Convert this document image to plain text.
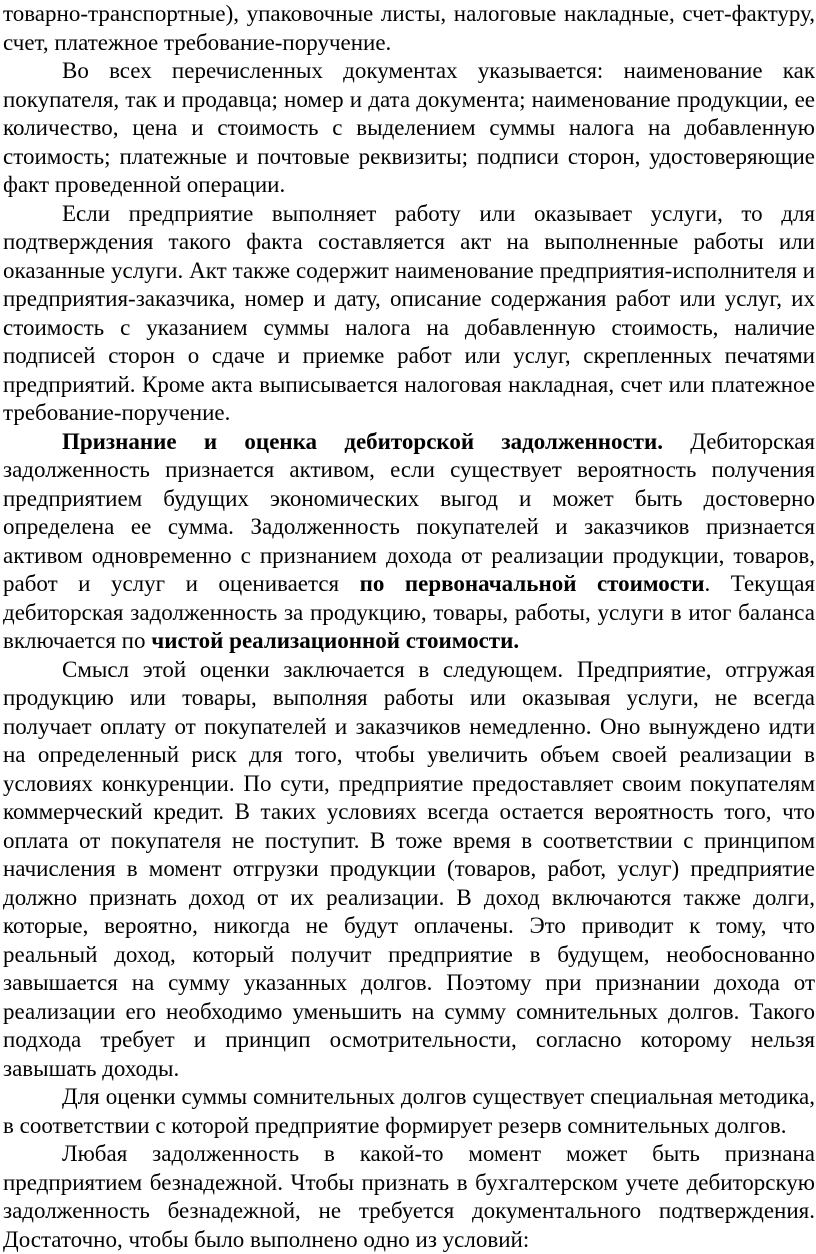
товарно-транспортные), упаковочные листы, налоговые накладные, счет-фактуру, счет, платежное требование-поручение.

Во всех перечисленных документах указывается: наименование как покупателя, так и продавца; номер и дата документа; наименование продукции, ее количество, цена и стоимость с выделением суммы налога на добавленную стоимость; платежные и почтовые реквизиты; подписи сторон, удостоверяющие факт проведенной операции.

Если предприятие выполняет работу или оказывает услуги, то для подтверждения такого факта составляется акт на выполненные работы или оказанные услуги. Акт также содержит наименование предприятия-исполнителя и предприятия-заказчика, номер и дату, описание содержания работ или услуг, их стоимость с указанием суммы налога на добавленную стоимость, наличие подписей сторон о сдаче и приемке работ или услуг, скрепленных печатями предприятий. Кроме акта выписывается налоговая накладная, счет или платежное требование-поручение.

Признание и оценка дебиторской задолженности. Дебиторская задолженность признается активом, если существует вероятность получения предприятием будущих экономических выгод и может быть достоверно определена ее сумма. Задолженность покупателей и заказчиков признается активом одновременно с признанием дохода от реализации продукции, товаров, работ и услуг и оценивается по первоначальной стоимости. Текущая дебиторская задолженность за продукцию, товары, работы, услуги в итог баланса включается по чистой реализационной стоимости.

Смысл этой оценки заключается в следующем. Предприятие, отгружая продукцию или товары, выполняя работы или оказывая услуги, не всегда получает оплату от покупателей и заказчиков немедленно. Оно вынуждено идти на определенный риск для того, чтобы увеличить объем своей реализации в условиях конкуренции. По сути, предприятие предоставляет своим покупателям коммерческий кредит. В таких условиях всегда остается вероятность того, что оплата от покупателя не поступит. В тоже время в соответствии с принципом начисления в момент отгрузки продукции (товаров, работ, услуг) предприятие должно признать доход от их реализации. В доход включаются также долги, которые, вероятно, никогда не будут оплачены. Это приводит к тому, что реальный доход, который получит предприятие в будущем, необоснованно завышается на сумму указанных долгов. Поэтому при признании дохода от реализации его необходимо уменьшить на сумму сомнительных долгов. Такого подхода требует и принцип осмотрительности, согласно которому нельзя завышать доходы.

Для оценки суммы сомнительных долгов существует специальная методика, в соответствии с которой предприятие формирует резерв сомнительных долгов.

Любая задолженность в какой-то момент может быть признана предприятием безнадежной. Чтобы признать в бухгалтерском учете дебиторскую задолженность безнадежной, не требуется документального подтверждения. Достаточно, чтобы было выполнено одно из условий:
